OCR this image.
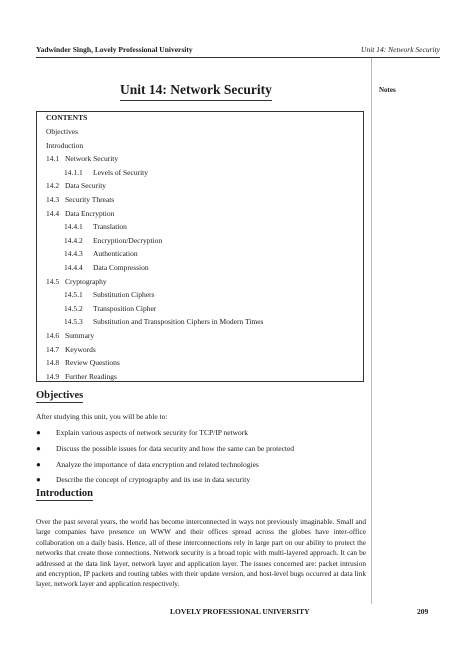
Yadwinder Singh, Lovely Professional University	Unit 14: Network Security
Unit 14: Network Security	Notes
CONTENTS
Objectives
Introduction
14.1 Network Security
14.1.1 Levels of Security
14.2 Data Security
14.3 Security Threats
14.4 Data Encryption
14.4.1 Translation
14.4.2 Encryption/Decryption
14.4.3 Authentication
14.4.4 Data Compression
14.5 Cryptography
14.5.1 Substitution Ciphers
14.5.2 Transposition Cipher
14.5.3 Substitution and Transposition Ciphers in Modern Times
14.6 Summary
14.7 Keywords
14.8 Review Questions
14.9 Further Readings
Objectives
After studying this unit, you will be able to:
● Explain various aspects of network security for TCP/IP network
● Discuss the possible issues for data security and how the same can be protected
● Analyze the importance of data encryption and related technologies
● Describe the concept of cryptography and its use in data security
Introduction
Over the past several years, the world has become interconnected in ways not previously imaginable. Small and large companies have presence on WWW and their offices spread across the globes have inter-office collaboration on a daily basis. Hence, all of these interconnections rely in large part on our ability to protect the networks that create those connections. Network security is a broad topic with multi-layered approach. It can be addressed at the data link layer, network layer and application layer. The issues concerned are: packet intrusion and encryption, IP packets and routing tables with their update version, and host-level bugs occurred at data link layer, network layer and application respectively.
LOVELY PROFESSIONAL UNIVERSITY	209
